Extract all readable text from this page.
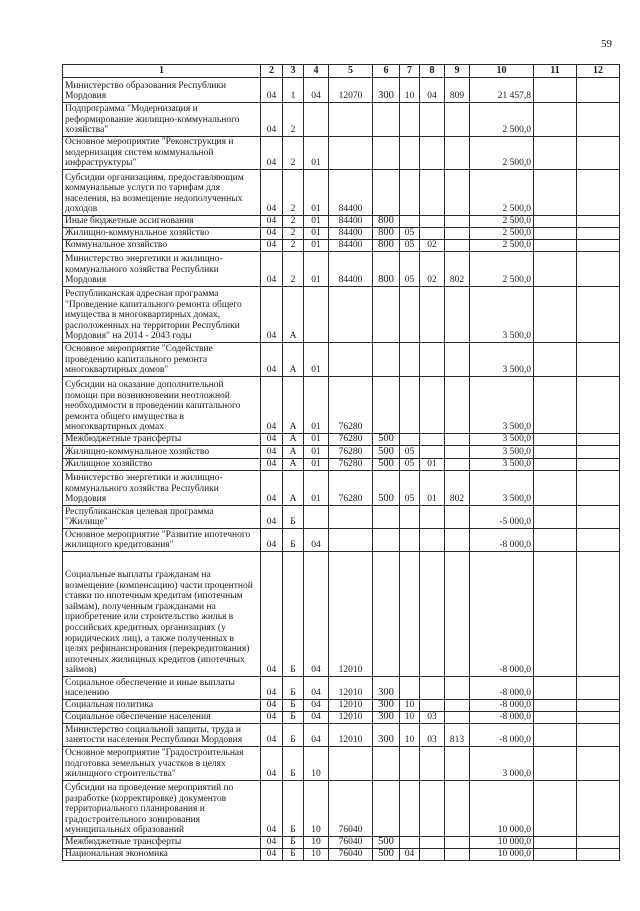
59
1	2	3	4	5	6	7	8	9	10	11	12
Министерство образования Республики Мордовия	04	1	04	12070	300	10	04	809	21 457,8		
Подпрограмма "Модернизация и реформирование жилищно-коммунального хозяйства"	04	2							2 500,0		
Основное мероприятие "Реконструкция и модернизация систем коммунальной инфраструктуры"	04	2	01						2 500,0		
Субсидии организациям, предоставляющим коммунальные услуги по тарифам для населения, на возмещение недополученных доходов	04	2	01	84400					2 500,0		
Иные бюджетные ассигнования	04	2	01	84400	800				2 500,0		
Жилищно-коммунальное хозяйство	04	2	01	84400	800	05			2 500,0		
Коммунальное хозяйство	04	2	01	84400	800	05	02		2 500,0		
Министерство энергетики и жилищно-коммунального хозяйства Республики Мордовия	04	2	01	84400	800	05	02	802	2 500,0		
Республиканская адресная программа "Проведение капитального ремонта общего имущества в многоквартирных домах, расположенных на территории Республики Мордовия" на 2014 - 2043 годы	04	А							3 500,0		
Основное мероприятие "Содействие проведению капитального ремонта многоквартирных домов"	04	А	01						3 500,0		
Субсидии на оказание дополнительной помощи при возникновении неотложной необходимости в проведении капитального ремонта общего имущества в многоквартирных домах	04	А	01	76280					3 500,0		
Межбюджетные трансферты	04	А	01	76280	500				3 500,0		
Жилищно-коммунальное хозяйство	04	А	01	76280	500	05			3 500,0		
Жилищное хозяйство	04	А	01	76280	500	05	01		3 500,0		
Министерство энергетики и жилищно-коммунального хозяйства Республики Мордовия	04	А	01	76280	500	05	01	802	3 500,0		
Республиканская целевая программа "Жилище"	04	Б							-5 000,0		
Основное мероприятие "Развитие ипотечного жилищного кредитования"	04	Б	04						-8 000,0		
Социальные выплаты гражданам на возмещение (компенсацию) части процентной ставки по ипотечным кредитам (ипотечным займам), полученным гражданами на приобретение или строительство жилья в российских кредитных организациях (у юридических лиц), а также полученных в целях рефинансирования (перекредитования) ипотечных жилищных кредитов (ипотечных займов)	04	Б	04	12010					-8 000,0		
Социальное обеспечение и иные выплаты населению	04	Б	04	12010	300				-8 000,0		
Социальная политика	04	Б	04	12010	300	10			-8 000,0		
Социальное обеспечение населения	04	Б	04	12010	300	10	03		-8 000,0		
Министерство социальной защиты, труда и занятости населения Республики Мордовия	04	Б	04	12010	300	10	03	813	-8 000,0		
Основное мероприятие "Градостроительная подготовка земельных участков в целях жилищного строительства"	04	Б	10						3 000,0		
Субсидии на проведение мероприятий по разработке (корректировке) документов территориального планирования и градостроительного зонирования муниципальных образований	04	Б	10	76040					10 000,0		
Межбюджетные трансферты	04	Б	10	76040	500				10 000,0		
Национальная экономика	04	Б	10	76040	500	04			10 000,0		
